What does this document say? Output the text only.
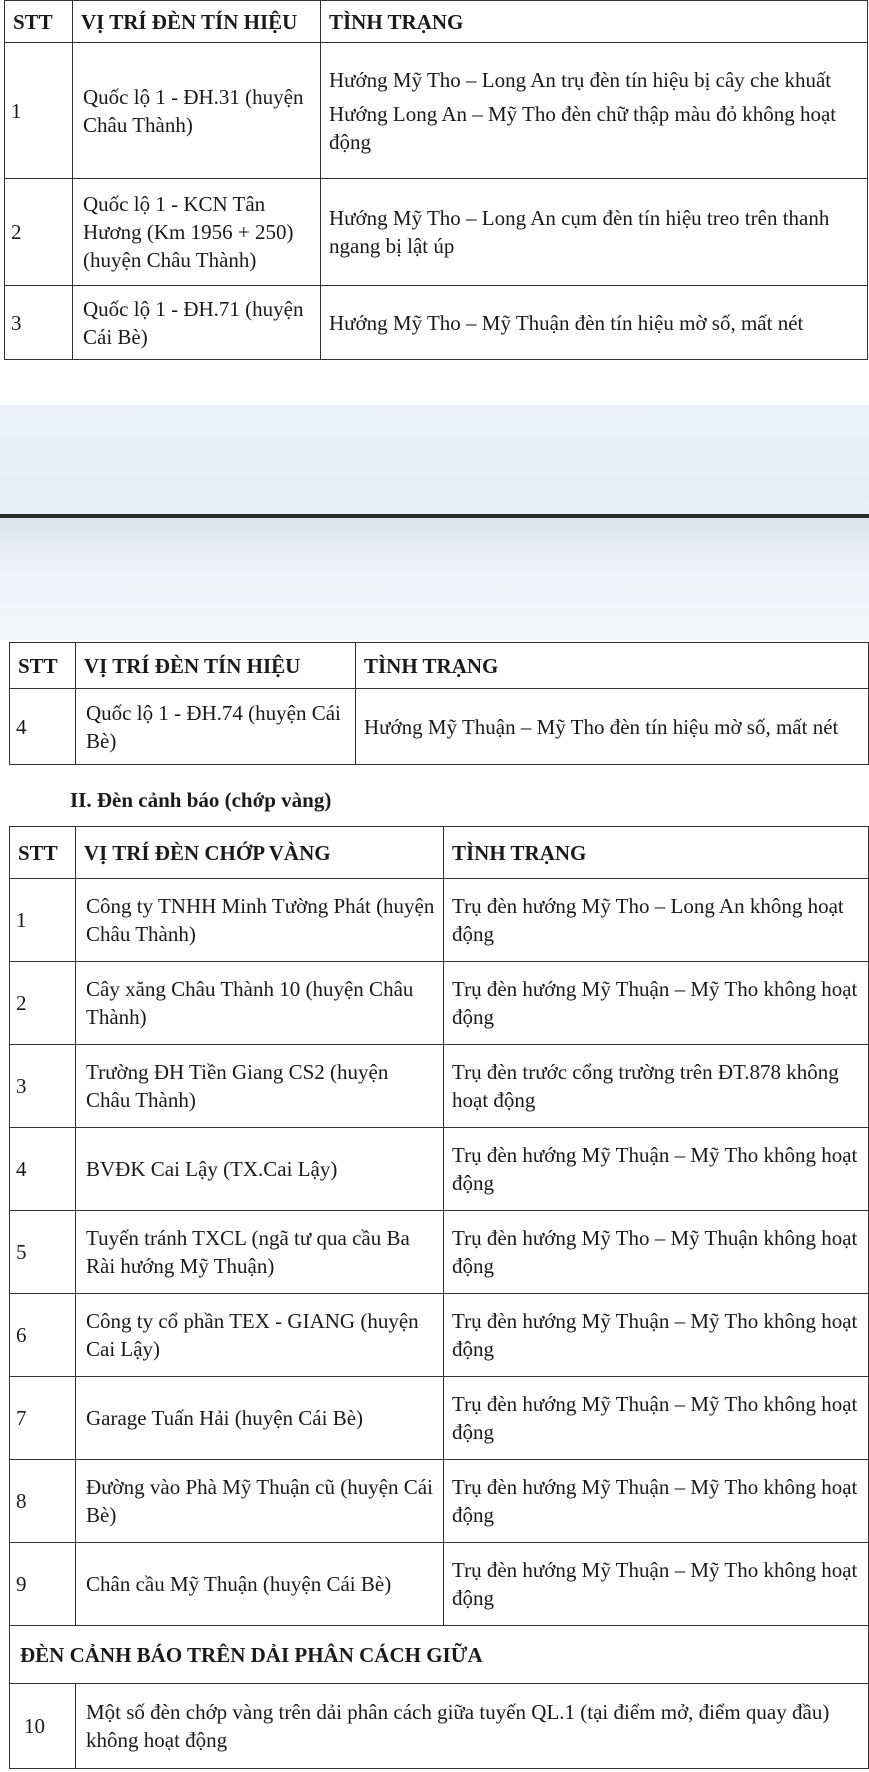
STT	VỊ TRÍ ĐÈN TÍN HIỆU	TÌNH TRẠNG
1	Quốc lộ 1 - ĐH.31 (huyện Châu Thành)	Hướng Mỹ Tho – Long An trụ đèn tín hiệu bị cây che khuất

Hướng Long An – Mỹ Tho đèn chữ thập màu đỏ không hoạt động

2	Quốc lộ 1 - KCN Tân Hương (Km 1956 + 250) (huyện Châu Thành)	Hướng Mỹ Tho – Long An cụm đèn tín hiệu treo trên thanh ngang bị lật úp
3	Quốc lộ 1 - ĐH.71 (huyện Cái Bè)	Hướng Mỹ Tho – Mỹ Thuận đèn tín hiệu mờ số, mất nét
STT	VỊ TRÍ ĐÈN TÍN HIỆU	TÌNH TRẠNG
4	Quốc lộ 1 - ĐH.74 (huyện Cái Bè)	Hướng Mỹ Thuận – Mỹ Tho đèn tín hiệu mờ số, mất nét

II. Đèn cảnh báo (chớp vàng)

STT	VỊ TRÍ ĐÈN CHỚP VÀNG	TÌNH TRẠNG
1	Công ty TNHH Minh Tường Phát (huyện Châu Thành)	Trụ đèn hướng Mỹ Tho – Long An không hoạt động
2	Cây xăng Châu Thành 10 (huyện Châu Thành)	Trụ đèn hướng Mỹ Thuận – Mỹ Tho không hoạt động
3	Trường ĐH Tiền Giang CS2 (huyện Châu Thành)	Trụ đèn trước cổng trường trên ĐT.878 không hoạt động
4	BVĐK Cai Lậy (TX.Cai Lậy)	Trụ đèn hướng Mỹ Thuận – Mỹ Tho không hoạt động
5	Tuyến tránh TXCL (ngã tư qua cầu Ba Rài hướng Mỹ Thuận)	Trụ đèn hướng Mỹ Tho – Mỹ Thuận không hoạt động
6	Công ty cổ phần TEX - GIANG (huyện Cai Lậy)	Trụ đèn hướng Mỹ Thuận – Mỹ Tho không hoạt động
7	Garage Tuấn Hải (huyện Cái Bè)	Trụ đèn hướng Mỹ Thuận – Mỹ Tho không hoạt động
8	Đường vào Phà Mỹ Thuận cũ (huyện Cái Bè)	Trụ đèn hướng Mỹ Thuận – Mỹ Tho không hoạt động
9	Chân cầu Mỹ Thuận (huyện Cái Bè)	Trụ đèn hướng Mỹ Thuận – Mỹ Tho không hoạt động
ĐÈN CẢNH BÁO TRÊN DẢI PHÂN CÁCH GIỮA		
10	Một số đèn chớp vàng trên dải phân cách giữa tuyến QL.1 (tại điểm mở, điểm quay đầu) không hoạt động	
